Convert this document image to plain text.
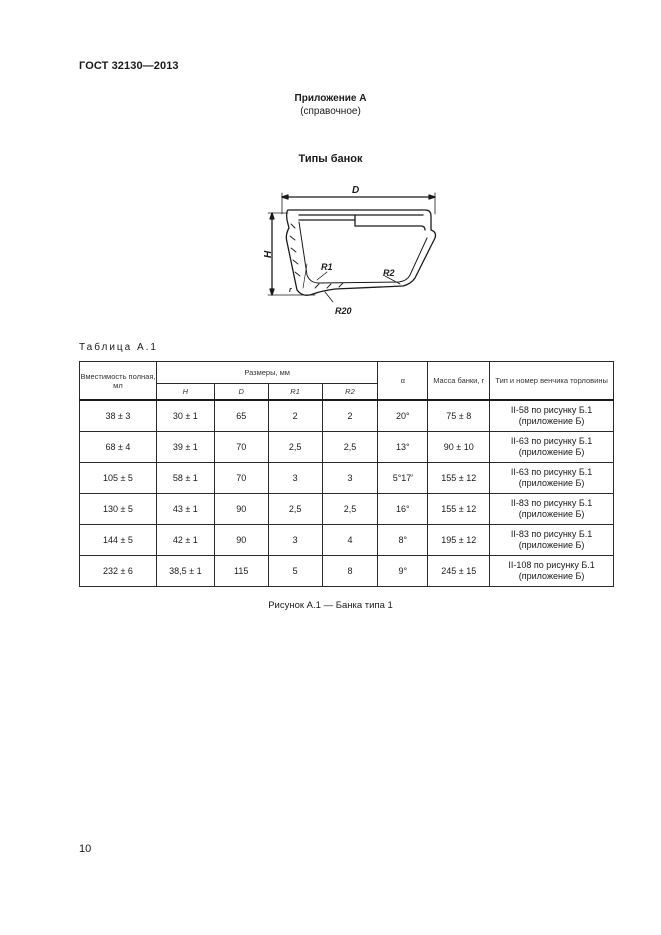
ГОСТ 32130—2013
Приложение А
(справочное)
Типы банок
D
H
R1
R2
R20
r
Таблица А.1
Вместимость полная, мл	Размеры, мм				α	Масса банки, г	Тип и номер венчика торловины
	H	D	R1	R2			
38 ± 3	30 ± 1	65	2	2	20°	75 ± 8	II-58 по рисунку Б.1
(приложение Б)

68 ± 4	39 ± 1	70	2,5	2,5	13°	90 ± 10	II-63 по рисунку Б.1
(приложение Б)

105 ± 5	58 ± 1	70	3	3	5°17′	155 ± 12	II-63 по рисунку Б.1
(приложение Б)

130 ± 5	43 ± 1	90	2,5	2,5	16°	155 ± 12	II-83 по рисунку Б.1
(приложение Б)

144 ± 5	42 ± 1	90	3	4	8°	195 ± 12	II-83 по рисунку Б.1
(приложение Б)

232 ± 6	38,5 ± 1	115	5	8	9°	245 ± 15	II-108 по рисунку Б.1
(приложение Б)
Рисунок А.1 — Банка типа 1
10
